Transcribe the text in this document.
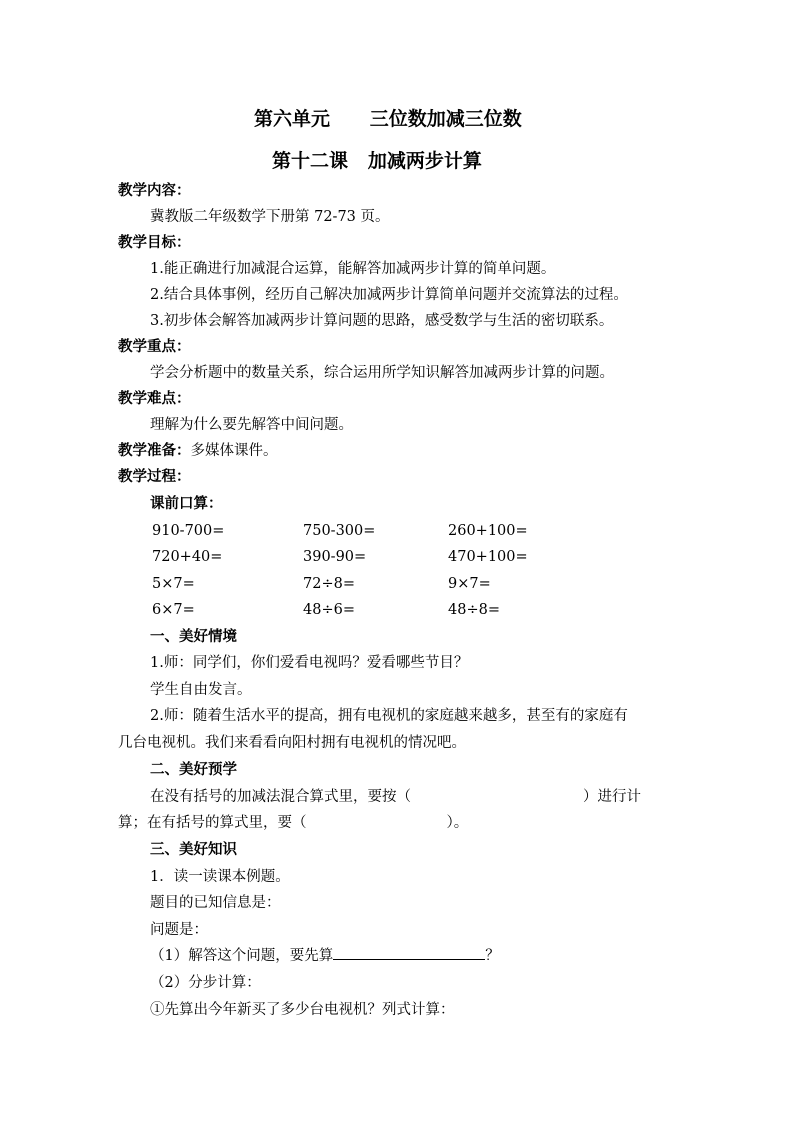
第六单元 三位数加减三位数
第十二课 加减两步计算
教学内容：
冀教版二年级数学下册第 72-73 页。
教学目标：
1.能正确进行加减混合运算，能解答加减两步计算的简单问题。
2.结合具体事例，经历自己解决加减两步计算简单问题并交流算法的过程。
3.初步体会解答加减两步计算问题的思路，感受数学与生活的密切联系。
教学重点：
学会分析题中的数量关系，综合运用所学知识解答加减两步计算的问题。
教学难点：
理解为什么要先解答中间问题。
教学准备：多媒体课件。
教学过程：
课前口算：
910-700=	750-300=	260+100=
720+40=	390-90=	470+100=
5×7=	72÷8=	9×7=
6×7=	48÷6=	48÷8=
一、美好情境
1.师：同学们，你们爱看电视吗？爱看哪些节目？
学生自由发言。
2.师：随着生活水平的提高，拥有电视机的家庭越来越多，甚至有的家庭有
几台电视机。我们来看看向阳村拥有电视机的情况吧。
二、美好预学
在没有括号的加减法混合算式里，要按（	）进行计
算；在有括号的算式里，要（	）。
三、美好知识
1．读一读课本例题。
题目的已知信息是：
问题是：
（1）解答这个问题，要先算	？
（2）分步计算：
①先算出今年新买了多少台电视机？列式计算：
